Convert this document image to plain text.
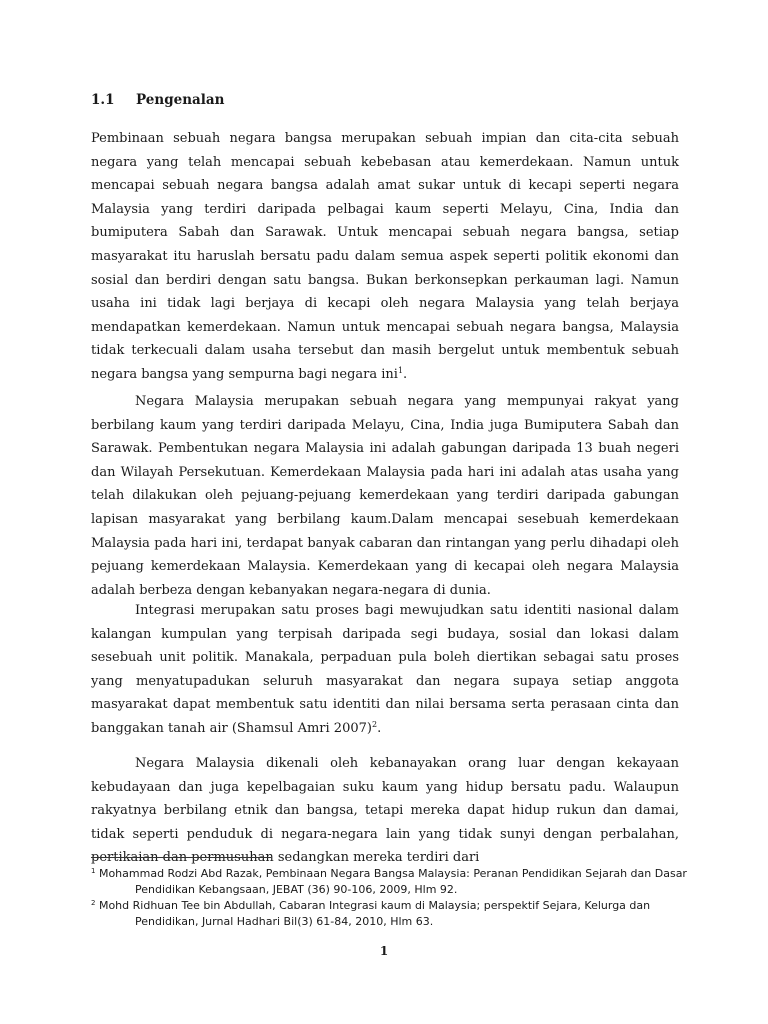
1.1 Pengenalan

Pembinaan sebuah negara bangsa merupakan sebuah impian dan cita-cita sebuah negara yang telah mencapai sebuah kebebasan atau kemerdekaan. Namun untuk mencapai sebuah negara bangsa adalah amat sukar untuk di kecapi seperti negara Malaysia yang terdiri daripada pelbagai kaum seperti Melayu, Cina, India dan bumiputera Sabah dan Sarawak. Untuk mencapai sebuah negara bangsa, setiap masyarakat itu haruslah bersatu padu dalam semua aspek seperti politik ekonomi dan sosial dan berdiri dengan satu bangsa. Bukan berkonsepkan perkauman lagi. Namun usaha ini tidak lagi berjaya di kecapi oleh negara Malaysia yang telah berjaya mendapatkan kemerdekaan. Namun untuk mencapai sebuah negara bangsa, Malaysia tidak terkecuali dalam usaha tersebut dan masih bergelut untuk membentuk sebuah negara bangsa yang sempurna bagi negara ini$^1$.

Negara Malaysia merupakan sebuah negara yang mempunyai rakyat yang berbilang kaum yang terdiri daripada Melayu, Cina, India juga Bumiputera Sabah dan Sarawak. Pembentukan negara Malaysia ini adalah gabungan daripada 13 buah negeri dan Wilayah Persekutuan. Kemerdekaan Malaysia pada hari ini adalah atas usaha yang telah dilakukan oleh pejuang-pejuang kemerdekaan yang terdiri daripada gabungan lapisan masyarakat yang berbilang kaum.Dalam mencapai sesebuah kemerdekaan Malaysia pada hari ini, terdapat banyak cabaran dan rintangan yang perlu dihadapi oleh pejuang kemerdekaan Malaysia. Kemerdekaan yang di kecapai oleh negara Malaysia adalah berbeza dengan kebanyakan negara-negara di dunia.

Integrasi merupakan satu proses bagi mewujudkan satu identiti nasional dalam kalangan kumpulan yang terpisah daripada segi budaya, sosial dan lokasi dalam sesebuah unit politik. Manakala, perpaduan pula boleh diertikan sebagai satu proses yang menyatupadukan seluruh masyarakat dan negara supaya setiap anggota masyarakat dapat membentuk satu identiti dan nilai bersama serta perasaan cinta dan banggakan tanah air (Shamsul Amri 2007)$^2$.

Negara Malaysia dikenali oleh kebanayakan orang luar dengan kekayaan kebudayaan dan juga kepelbagaian suku kaum yang hidup bersatu padu. Walaupun rakyatnya berbilang etnik dan bangsa, tetapi mereka dapat hidup rukun dan damai, tidak seperti penduduk di negara-negara lain yang tidak sunyi dengan perbalahan, pertikaian dan permusuhan sedangkan mereka terdiri dari

$^1$ Mohammad Rodzi Abd Razak, Pembinaan Negara Bangsa Malaysia: Peranan Pendidikan Sejarah dan Dasar Pendidikan Kebangsaan, JEBAT (36) 90-106, 2009, Hlm 92.

$^2$ Mohd Ridhuan Tee bin Abdullah, Cabaran Integrasi kaum di Malaysia; perspektif Sejara, Kelurga dan Pendidikan, Jurnal Hadhari Bil(3) 61-84, 2010, Hlm 63.

1
